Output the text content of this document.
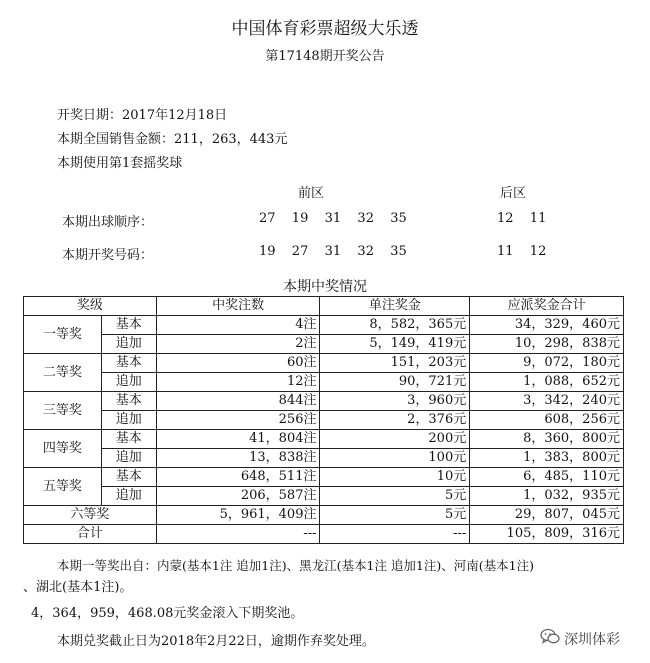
中国体育彩票超级大乐透
第17148期开奖公告
开奖日期：2017年12月18日
本期全国销售金额：211，263，443元
本期使用第1套摇奖球
前区	后区
本期出球顺序：	27  19  31  32  35	12  11
本期开奖号码：	19  27  31  32  35	11  12
本期中奖情况
奖级		中奖注数	单注奖金	应派奖金合计
一等奖	基本	4注	8，582，365元	34，329，460元
	追加	2注	5，149，419元	10，298，838元
二等奖	基本	60注	151，203元	9，072，180元
	追加	12注	90，721元	1，088，652元
三等奖	基本	844注	3，960元	3，342，240元
	追加	256注	2，376元	608，256元
四等奖	基本	41，804注	200元	8，360，800元
	追加	13，838注	100元	1，383，800元
五等奖	基本	648，511注	10元	6，485，110元
	追加	206，587注	5元	1，032，935元
六等奖		5，961，409注	5元	29，807，045元
合计		---	---	105，809，316元
本期一等奖出自：内蒙(基本1注 追加1注)、黑龙江(基本1注 追加1注)、河南(基本1注)
、湖北(基本1注)。
4，364，959，468.08元奖金滚入下期奖池。
本期兑奖截止日为2018年2月22日，逾期作弃奖处理。	深圳体彩
